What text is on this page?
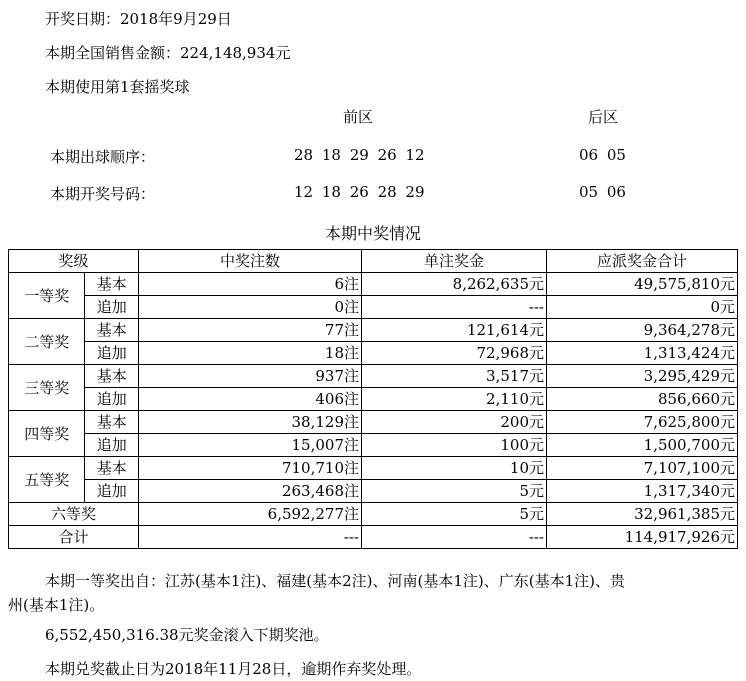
开奖日期：2018年9月29日
本期全国销售金额：224,148,934元
本期使用第1套摇奖球
前区	后区
本期出球顺序：	28 18 29 26 12	06 05
本期开奖号码：	12 18 26 28 29	05 06
本期中奖情况
奖级		中奖注数	单注奖金	应派奖金合计
一等奖	基本	6注	8,262,635元	49,575,810元
	追加	0注	---	0元
二等奖	基本	77注	121,614元	9,364,278元
	追加	18注	72,968元	1,313,424元
三等奖	基本	937注	3,517元	3,295,429元
	追加	406注	2,110元	856,660元
四等奖	基本	38,129注	200元	7,625,800元
	追加	15,007注	100元	1,500,700元
五等奖	基本	710,710注	10元	7,107,100元
	追加	263,468注	5元	1,317,340元
六等奖		6,592,277注	5元	32,961,385元
合计		---	---	114,917,926元
本期一等奖出自：江苏(基本1注)、福建(基本2注)、河南(基本1注)、广东(基本1注)、贵
州(基本1注)。
6,552,450,316.38元奖金滚入下期奖池。
本期兑奖截止日为2018年11月28日，逾期作弃奖处理。
